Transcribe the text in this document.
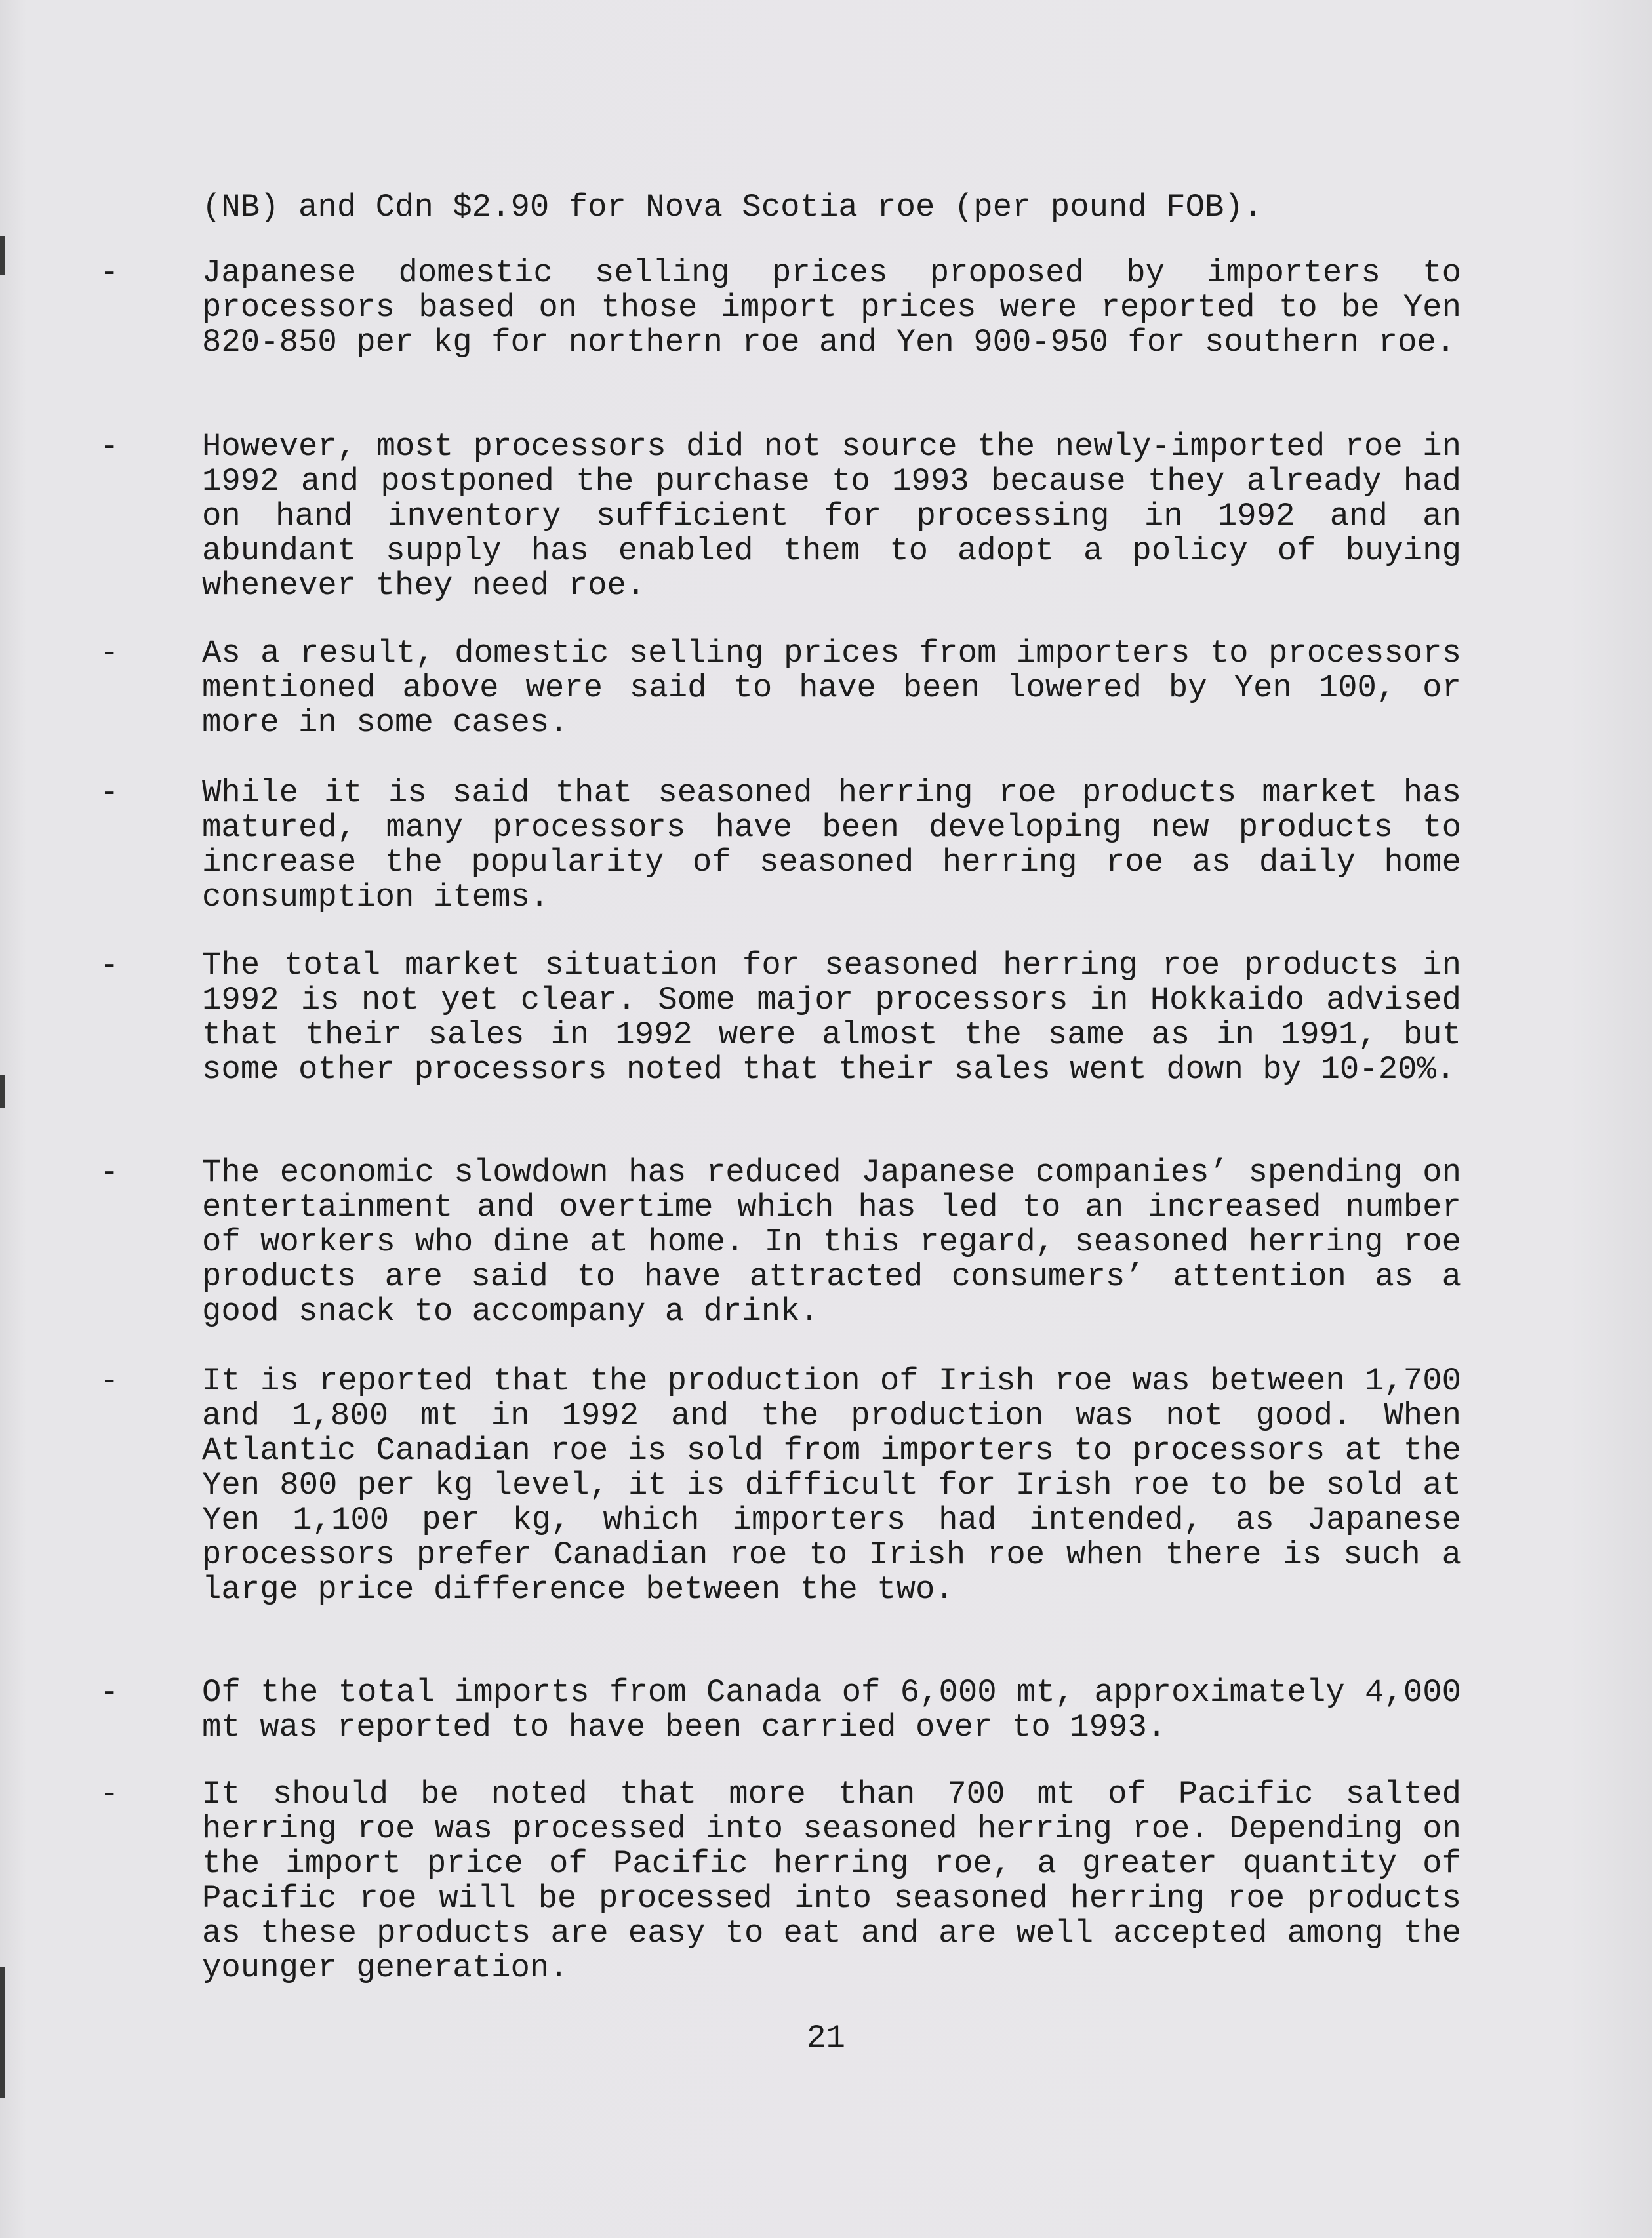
(NB) and Cdn $2.90 for Nova Scotia roe (per pound FOB).

-	Japanese domestic selling prices proposed by importers to processors based on those import prices were reported to be Yen 820-850 per kg for northern roe and Yen 900-950 for southern roe.

-	However, most processors did not source the newly-imported roe in 1992 and postponed the purchase to 1993 because they already had on hand inventory sufficient for processing in 1992 and an abundant supply has enabled them to adopt a policy of buying whenever they need roe.

-	As a result, domestic selling prices from importers to processors mentioned above were said to have been lowered by Yen 100, or more in some cases.

-	While it is said that seasoned herring roe products market has matured, many processors have been developing new products to increase the popularity of seasoned herring roe as daily home consumption items.

-	The total market situation for seasoned herring roe products in 1992 is not yet clear. Some major processors in Hokkaido advised that their sales in 1992 were almost the same as in 1991, but some other processors noted that their sales went down by 10-20%.

-	The economic slowdown has reduced Japanese companies’ spending on entertainment and overtime which has led to an increased number of workers who dine at home. In this regard, seasoned herring roe products are said to have attracted consumers’ attention as a good snack to accompany a drink.

-	It is reported that the production of Irish roe was between 1,700 and 1,800 mt in 1992 and the production was not good. When Atlantic Canadian roe is sold from importers to processors at the Yen 800 per kg level, it is difficult for Irish roe to be sold at Yen 1,100 per kg, which importers had intended, as Japanese processors prefer Canadian roe to Irish roe when there is such a large price difference between the two.

-	Of the total imports from Canada of 6,000 mt, approximately 4,000 mt was reported to have been carried over to 1993.

-	It should be noted that more than 700 mt of Pacific salted herring roe was processed into seasoned herring roe. Depending on the import price of Pacific herring roe, a greater quantity of Pacific roe will be processed into seasoned herring roe products as these products are easy to eat and are well accepted among the younger generation.

21
